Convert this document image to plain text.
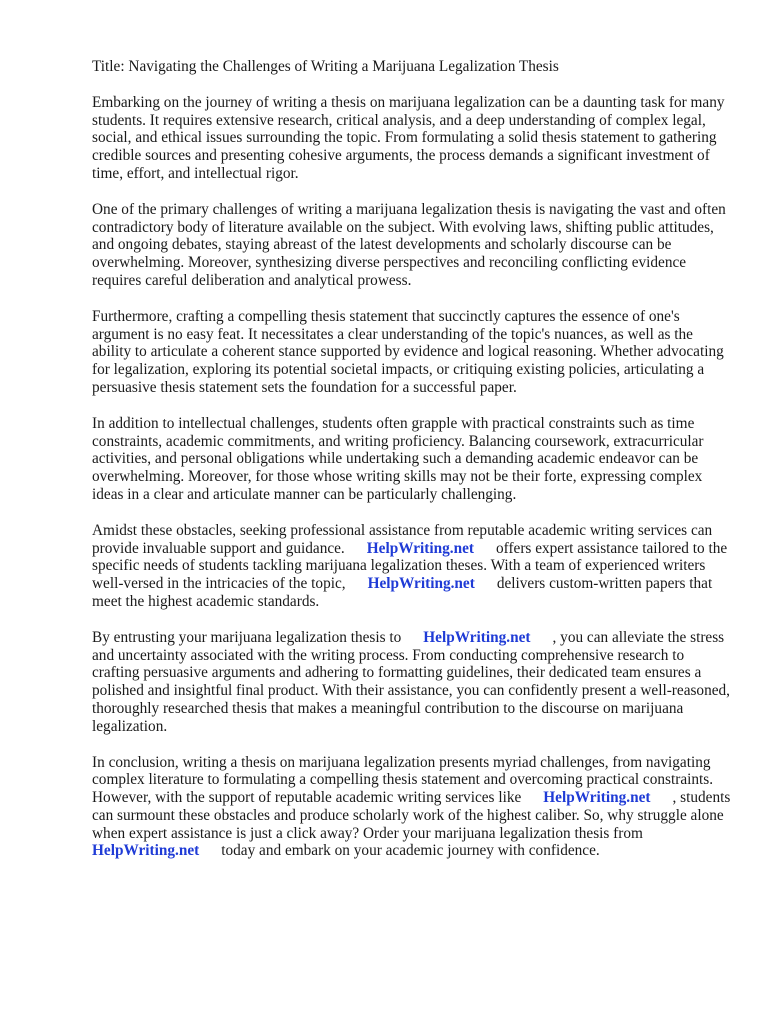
Title: Navigating the Challenges of Writing a Marijuana Legalization Thesis

Embarking on the journey of writing a thesis on marijuana legalization can be a daunting task for many students. It requires extensive research, critical analysis, and a deep understanding of complex legal, social, and ethical issues surrounding the topic. From formulating a solid thesis statement to gathering credible sources and presenting cohesive arguments, the process demands a significant investment of time, effort, and intellectual rigor.

One of the primary challenges of writing a marijuana legalization thesis is navigating the vast and often contradictory body of literature available on the subject. With evolving laws, shifting public attitudes, and ongoing debates, staying abreast of the latest developments and scholarly discourse can be overwhelming. Moreover, synthesizing diverse perspectives and reconciling conflicting evidence requires careful deliberation and analytical prowess.

Furthermore, crafting a compelling thesis statement that succinctly captures the essence of one's argument is no easy feat. It necessitates a clear understanding of the topic's nuances, as well as the ability to articulate a coherent stance supported by evidence and logical reasoning. Whether advocating for legalization, exploring its potential societal impacts, or critiquing existing policies, articulating a persuasive thesis statement sets the foundation for a successful paper.

In addition to intellectual challenges, students often grapple with practical constraints such as time constraints, academic commitments, and writing proficiency. Balancing coursework, extracurricular activities, and personal obligations while undertaking such a demanding academic endeavor can be overwhelming. Moreover, for those whose writing skills may not be their forte, expressing complex ideas in a clear and articulate manner can be particularly challenging.

Amidst these obstacles, seeking professional assistance from reputable academic writing services can provide invaluable support and guidance. HelpWriting.net offers expert assistance tailored to the specific needs of students tackling marijuana legalization theses. With a team of experienced writers well-versed in the intricacies of the topic, HelpWriting.net delivers custom-written papers that meet the highest academic standards.

By entrusting your marijuana legalization thesis to HelpWriting.net , you can alleviate the stress and uncertainty associated with the writing process. From conducting comprehensive research to crafting persuasive arguments and adhering to formatting guidelines, their dedicated team ensures a polished and insightful final product. With their assistance, you can confidently present a well-reasoned, thoroughly researched thesis that makes a meaningful contribution to the discourse on marijuana legalization.

In conclusion, writing a thesis on marijuana legalization presents myriad challenges, from navigating complex literature to formulating a compelling thesis statement and overcoming practical constraints. However, with the support of reputable academic writing services like HelpWriting.net , students can surmount these obstacles and produce scholarly work of the highest caliber. So, why struggle alone when expert assistance is just a click away? Order your marijuana legalization thesis fromHelpWriting.net today and embark on your academic journey with confidence.
